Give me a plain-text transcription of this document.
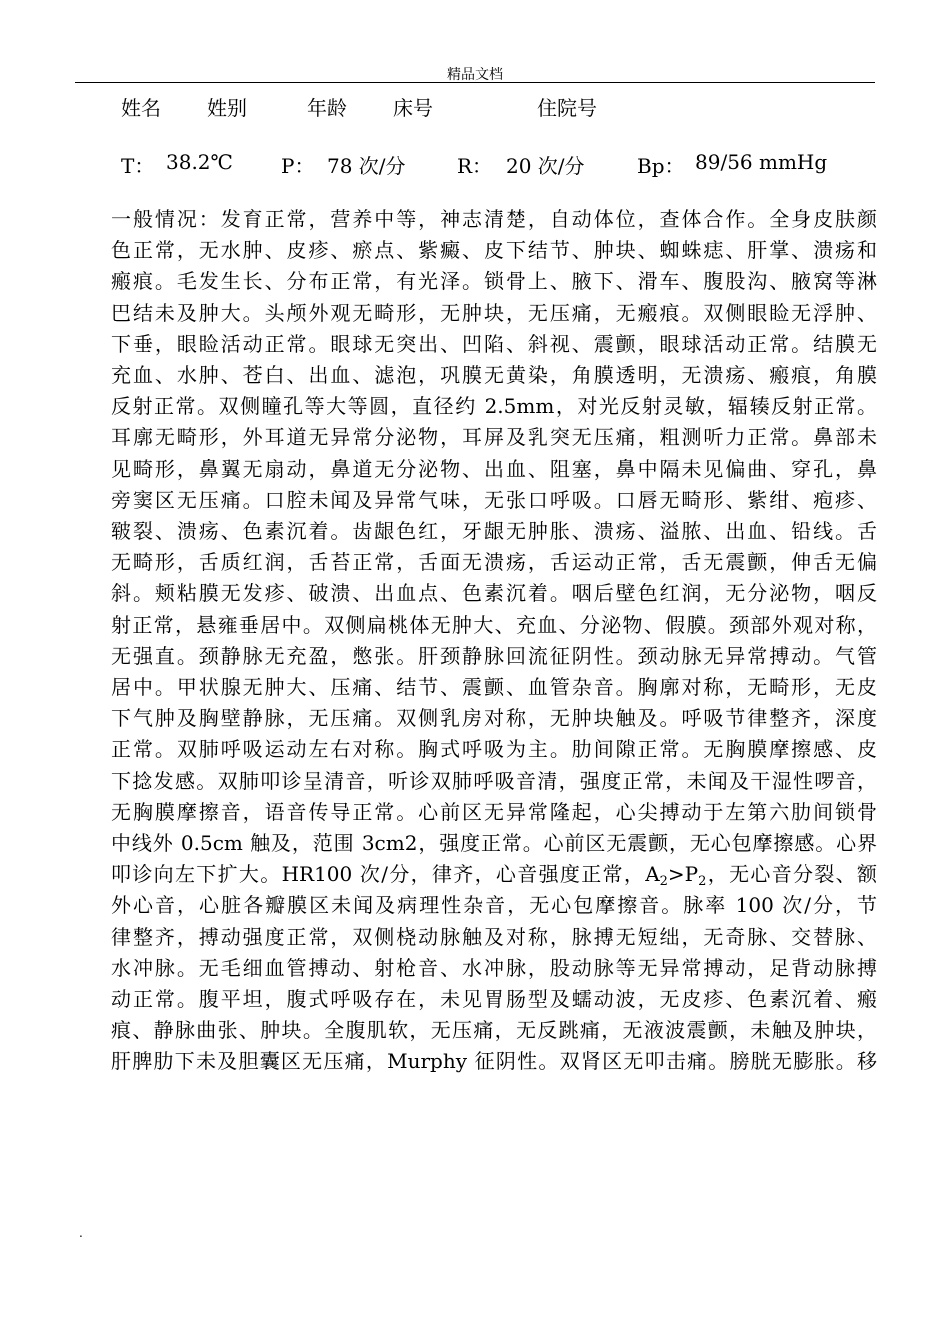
精品文档
姓名 姓别	年龄 床号	住院号
T： 38.2℃ P： 78 次/分	R： 20 次/分	Bp： 89/56 mmHg
一般情况：发育正常，营养中等，神志清楚，自动体位，查体合作。全身皮肤颜
色正常，无水肿、皮疹、瘀点、紫癜、皮下结节、肿块、蜘蛛痣、肝掌、溃疡和
瘢痕。毛发生长、分布正常，有光泽。锁骨上、腋下、滑车、腹股沟、腋窝等淋
巴结未及肿大。头颅外观无畸形，无肿块，无压痛，无瘢痕。双侧眼睑无浮肿、
下垂，眼睑活动正常。眼球无突出、凹陷、斜视、震颤，眼球活动正常。结膜无
充血、水肿、苍白、出血、滤泡，巩膜无黄染，角膜透明，无溃疡、瘢痕，角膜
反射正常。双侧瞳孔等大等圆，直径约 2.5mm，对光反射灵敏，辐辏反射正常。
耳廓无畸形，外耳道无异常分泌物，耳屏及乳突无压痛，粗测听力正常。鼻部未
见畸形，鼻翼无扇动，鼻道无分泌物、出血、阻塞，鼻中隔未见偏曲、穿孔，鼻
旁窦区无压痛。口腔未闻及异常气味，无张口呼吸。口唇无畸形、紫绀、疱疹、
皲裂、溃疡、色素沉着。齿龈色红，牙龈无肿胀、溃疡、溢脓、出血、铅线。舌
无畸形，舌质红润，舌苔正常，舌面无溃疡，舌运动正常，舌无震颤，伸舌无偏
斜。颊粘膜无发疹、破溃、出血点、色素沉着。咽后壁色红润，无分泌物，咽反
射正常，悬雍垂居中。双侧扁桃体无肿大、充血、分泌物、假膜。颈部外观对称，
无强直。颈静脉无充盈，憋张。肝颈静脉回流征阴性。颈动脉无异常搏动。气管
居中。甲状腺无肿大、压痛、结节、震颤、血管杂音。胸廓对称，无畸形，无皮
下气肿及胸壁静脉，无压痛。双侧乳房对称，无肿块触及。呼吸节律整齐，深度
正常。双肺呼吸运动左右对称。胸式呼吸为主。肋间隙正常。无胸膜摩擦感、皮
下捻发感。双肺叩诊呈清音，听诊双肺呼吸音清，强度正常，未闻及干湿性啰音，
无胸膜摩擦音，语音传导正常。心前区无异常隆起，心尖搏动于左第六肋间锁骨
中线外 0.5cm 触及，范围 3cm2，强度正常。心前区无震颤，无心包摩擦感。心界
叩诊向左下扩大。HR100 次/分，律齐，心音强度正常，$A_2>P_2$，无心音分裂、额
外心音，心脏各瓣膜区未闻及病理性杂音，无心包摩擦音。脉率 100 次/分，节
律整齐，搏动强度正常，双侧桡动脉触及对称，脉搏无短绌，无奇脉、交替脉、
水冲脉。无毛细血管搏动、射枪音、水冲脉，股动脉等无异常搏动，足背动脉搏
动正常。腹平坦，腹式呼吸存在，未见胃肠型及蠕动波，无皮疹、色素沉着、瘢
痕、静脉曲张、肿块。全腹肌软，无压痛，无反跳痛，无液波震颤，未触及肿块，
肝脾肋下未及胆囊区无压痛，Murphy 征阴性。双肾区无叩击痛。膀胱无膨胀。移
.
